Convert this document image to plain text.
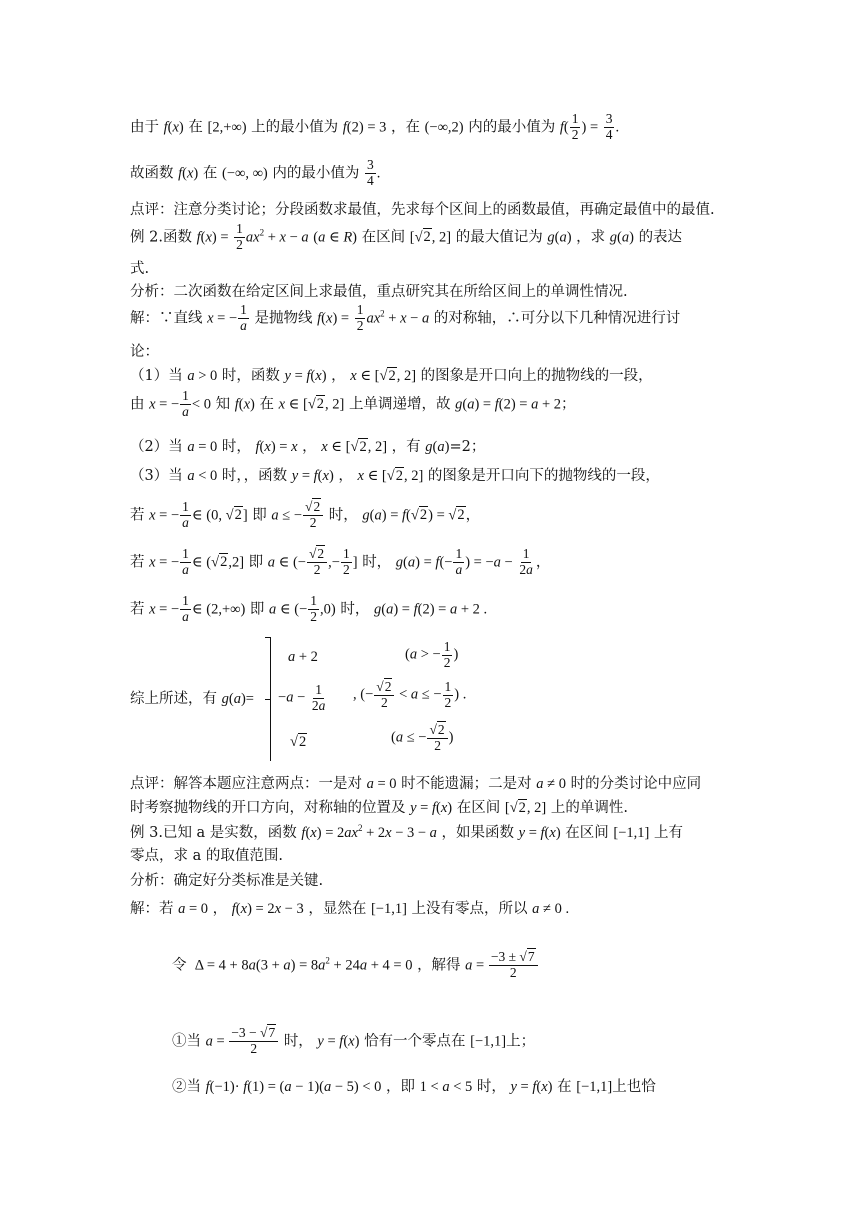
由于 f(x) 在 [2,+∞) 上的最小值为 f(2) = 3 ，在 (−∞,2) 内的最小值为 $f( \frac{1}{2}$ ) = $\frac{3}{4}$ .
故函数 f(x) 在 (−∞, ∞) 内的最小值为 $\frac{3}{4}$ .
点评：注意分类讨论；分段函数求最值，先求每个区间上的函数最值，再确定最值中的最值.
例 2.函数 $f(x) = \frac{1}{2} ax^2 + x - a$ (a ∈ R) 在区间 [√2, 2] 的最大值记为 g(a) ，求 g(a) 的表达
式.
分析：二次函数在给定区间上求最值，重点研究其在所给区间上的单调性情况.
解：∵直线 x = − $\frac{1}{a}$ 是抛物线 $f(x) = \frac{1}{2} ax^2 + x - a$ 的对称轴，∴可分以下几种情况进行讨
论：
（1）当 a > 0 时，函数 y = f(x) ， x ∈ [√2, 2] 的图象是开口向上的抛物线的一段，
由 x = − $\frac{1}{a} < 0$ 知 f(x) 在 x ∈ [√2, 2] 上单调递增，故 g(a) = f(2) = a + 2；
（2）当 a = 0 时， f(x) = x ， x ∈ [√2, 2] ，有 g(a)=2；
（3）当 a < 0 时，，函数 y = f(x) ， x ∈ [√2, 2] 的图象是开口向下的抛物线的一段，
若 x = − $\frac{1}{a}$ ∈ (0, √2] 即 a ≤ − $\frac{√2}{2}$ 时， g(a) = f(√2) = √2，
若 x = − $\frac{1}{a}$ ∈ (√2,2] 即 a ∈ (− $\frac{√2}{2}$ ,− $\frac{1}{2}$ ] 时， $g(a) = f(- \frac{1}{a}$ ) = $-a - \frac{1}{2a}$ ，
若 x = − $\frac{1}{a}$ ∈ (2,+∞) 即 a ∈ (− $\frac{1}{2} ,0$) 时， g(a) = f(2) = a + 2 .
综上所述，有 g(a)=
a + 2	(a > − $\frac{1}{2}$ )
$-a - \frac{1}{2a}$ , (− $\frac{√2}{2} < a$ ≤ − $\frac{1}{2}$ ) .
√2	(a ≤ − $\frac{√2}{2}$ )
点评：解答本题应注意两点：一是对 a = 0 时不能遗漏；二是对 a ≠ 0 时的分类讨论中应同
时考察抛物线的开口方向，对称轴的位置及 y = f(x) 在区间 [√2, 2] 上的单调性.
例 3.已知 a 是实数，函数 $f(x) = 2ax^2 + 2x - 3 - a$ ，如果函数 y = f(x) 在区间 [−1,1] 上有
零点，求 a 的取值范围.
分析：确定好分类标准是关键.
解：若 a = 0 ， f(x) = 2x − 3 ，显然在 [−1,1] 上没有零点，所以 a ≠ 0 .
令  $\Delta = 4 + 8a(3 + a) = 8a^2 + 24a + 4 = 0$ ，解得 $a = \frac{-3 \pm √7}{2}$
①当 $a = \frac{-3 - √7}{2}$ 时， y = f(x) 恰有一个零点在 [−1,1]上；
②当 f(−1)· f(1) = (a − 1)(a − 5) < 0 ，即 1 < a < 5 时， y = f(x) 在 [−1,1]上也恰
